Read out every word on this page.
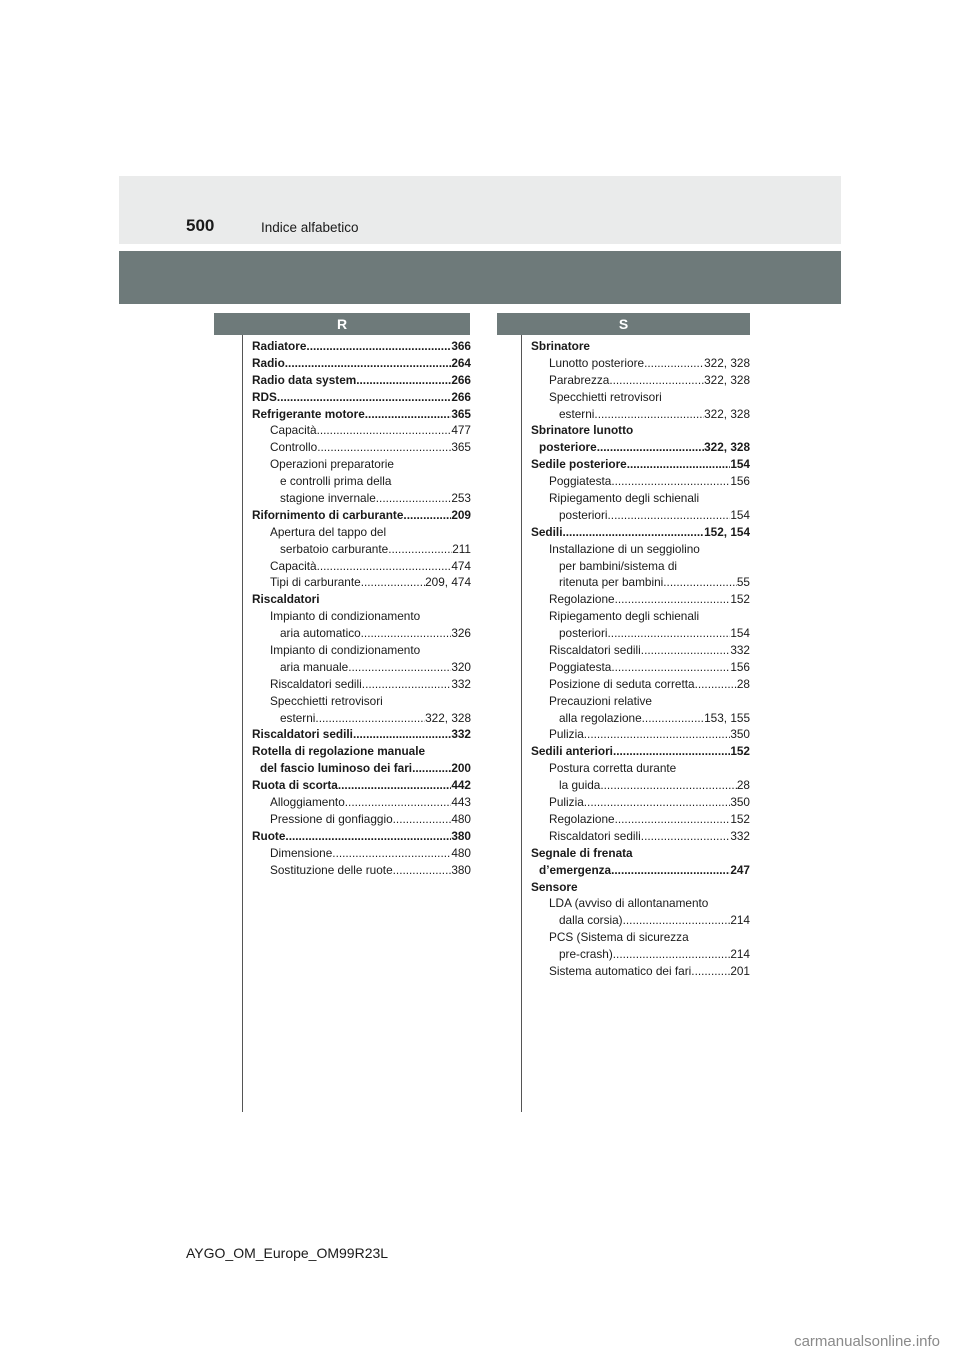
500	Indice alfabetico
R	S
Radiatore .....	366
Radio .....	264
Radio data system .....	266
RDS .....	266
Refrigerante motore .....	365
Capacità .....	477
Controllo .....	365
Operazioni preparatorie
e controlli prima della
stagione invernale .....	253
Rifornimento di carburante .....	209
Apertura del tappo del
serbatoio carburante .....	211
Capacità .....	474
Tipi di carburante .....	209, 474
Riscaldatori
Impianto di condizionamento
aria automatico .....	326
Impianto di condizionamento
aria manuale .....	320
Riscaldatori sedili .....	332
Specchietti retrovisori
esterni .....	322, 328
Riscaldatori sedili .....	332
Rotella di regolazione manuale
del fascio luminoso dei fari .....	200
Ruota di scorta .....	442
Alloggiamento .....	443
Pressione di gonfiaggio .....	480
Ruote .....	380
Dimensione .....	480
Sostituzione delle ruote .....	380
Sbrinatore
Lunotto posteriore .....	322, 328
Parabrezza .....	322, 328
Specchietti retrovisori
esterni .....	322, 328
Sbrinatore lunotto
posteriore .....	322, 328
Sedile posteriore .....	154
Poggiatesta .....	156
Ripiegamento degli schienali
posteriori .....	154
Sedili .....	152, 154
Installazione di un seggiolino
per bambini/sistema di
ritenuta per bambini .....	55
Regolazione .....	152
Ripiegamento degli schienali
posteriori .....	154
Riscaldatori sedili .....	332
Poggiatesta .....	156
Posizione di seduta corretta .....	28
Precauzioni relative
alla regolazione .....	153, 155
Pulizia .....	350
Sedili anteriori .....	152
Postura corretta durante
la guida .....	28
Pulizia .....	350
Regolazione .....	152
Riscaldatori sedili .....	332
Segnale di frenata
d’emergenza .....	247
Sensore
LDA (avviso di allontanamento
dalla corsia) .....	214
PCS (Sistema di sicurezza
pre-crash) .....	214
Sistema automatico dei fari .....	201
AYGO_OM_Europe_OM99R23L
carmanualsonline.info
